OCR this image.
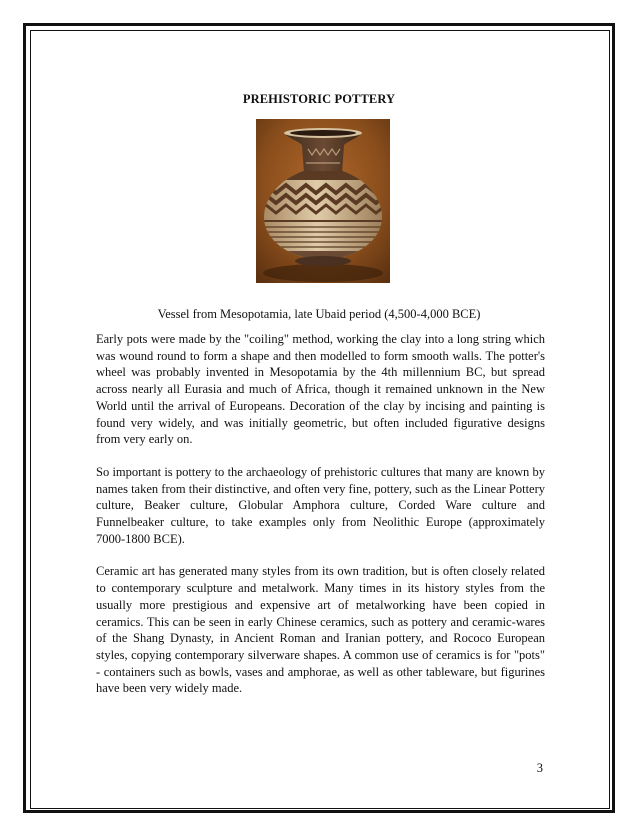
PREHISTORIC POTTERY
Vessel from Mesopotamia, late Ubaid period (4,500-4,000 BCE)

Early pots were made by the "coiling" method, working the clay into a long string which was wound round to form a shape and then modelled to form smooth walls. The potter's wheel was probably invented in Mesopotamia by the 4th millennium BC, but spread across nearly all Eurasia and much of Africa, though it remained unknown in the New World until the arrival of Europeans. Decoration of the clay by incising and painting is found very widely, and was initially geometric, but often included figurative designs from very early on.

So important is pottery to the archaeology of prehistoric cultures that many are known by names taken from their distinctive, and often very fine, pottery, such as the Linear Pottery culture, Beaker culture, Globular Amphora culture, Corded Ware culture and Funnelbeaker culture, to take examples only from Neolithic Europe (approximately 7000-1800 BCE).

Ceramic art has generated many styles from its own tradition, but is often closely related to contemporary sculpture and metalwork. Many times in its history styles from the usually more prestigious and expensive art of metalworking have been copied in ceramics. This can be seen in early Chinese ceramics, such as pottery and ceramic-wares of the Shang Dynasty, in Ancient Roman and Iranian pottery, and Rococo European styles, copying contemporary silverware shapes. A common use of ceramics is for "pots" - containers such as bowls, vases and amphorae, as well as other tableware, but figurines have been very widely made.

3
